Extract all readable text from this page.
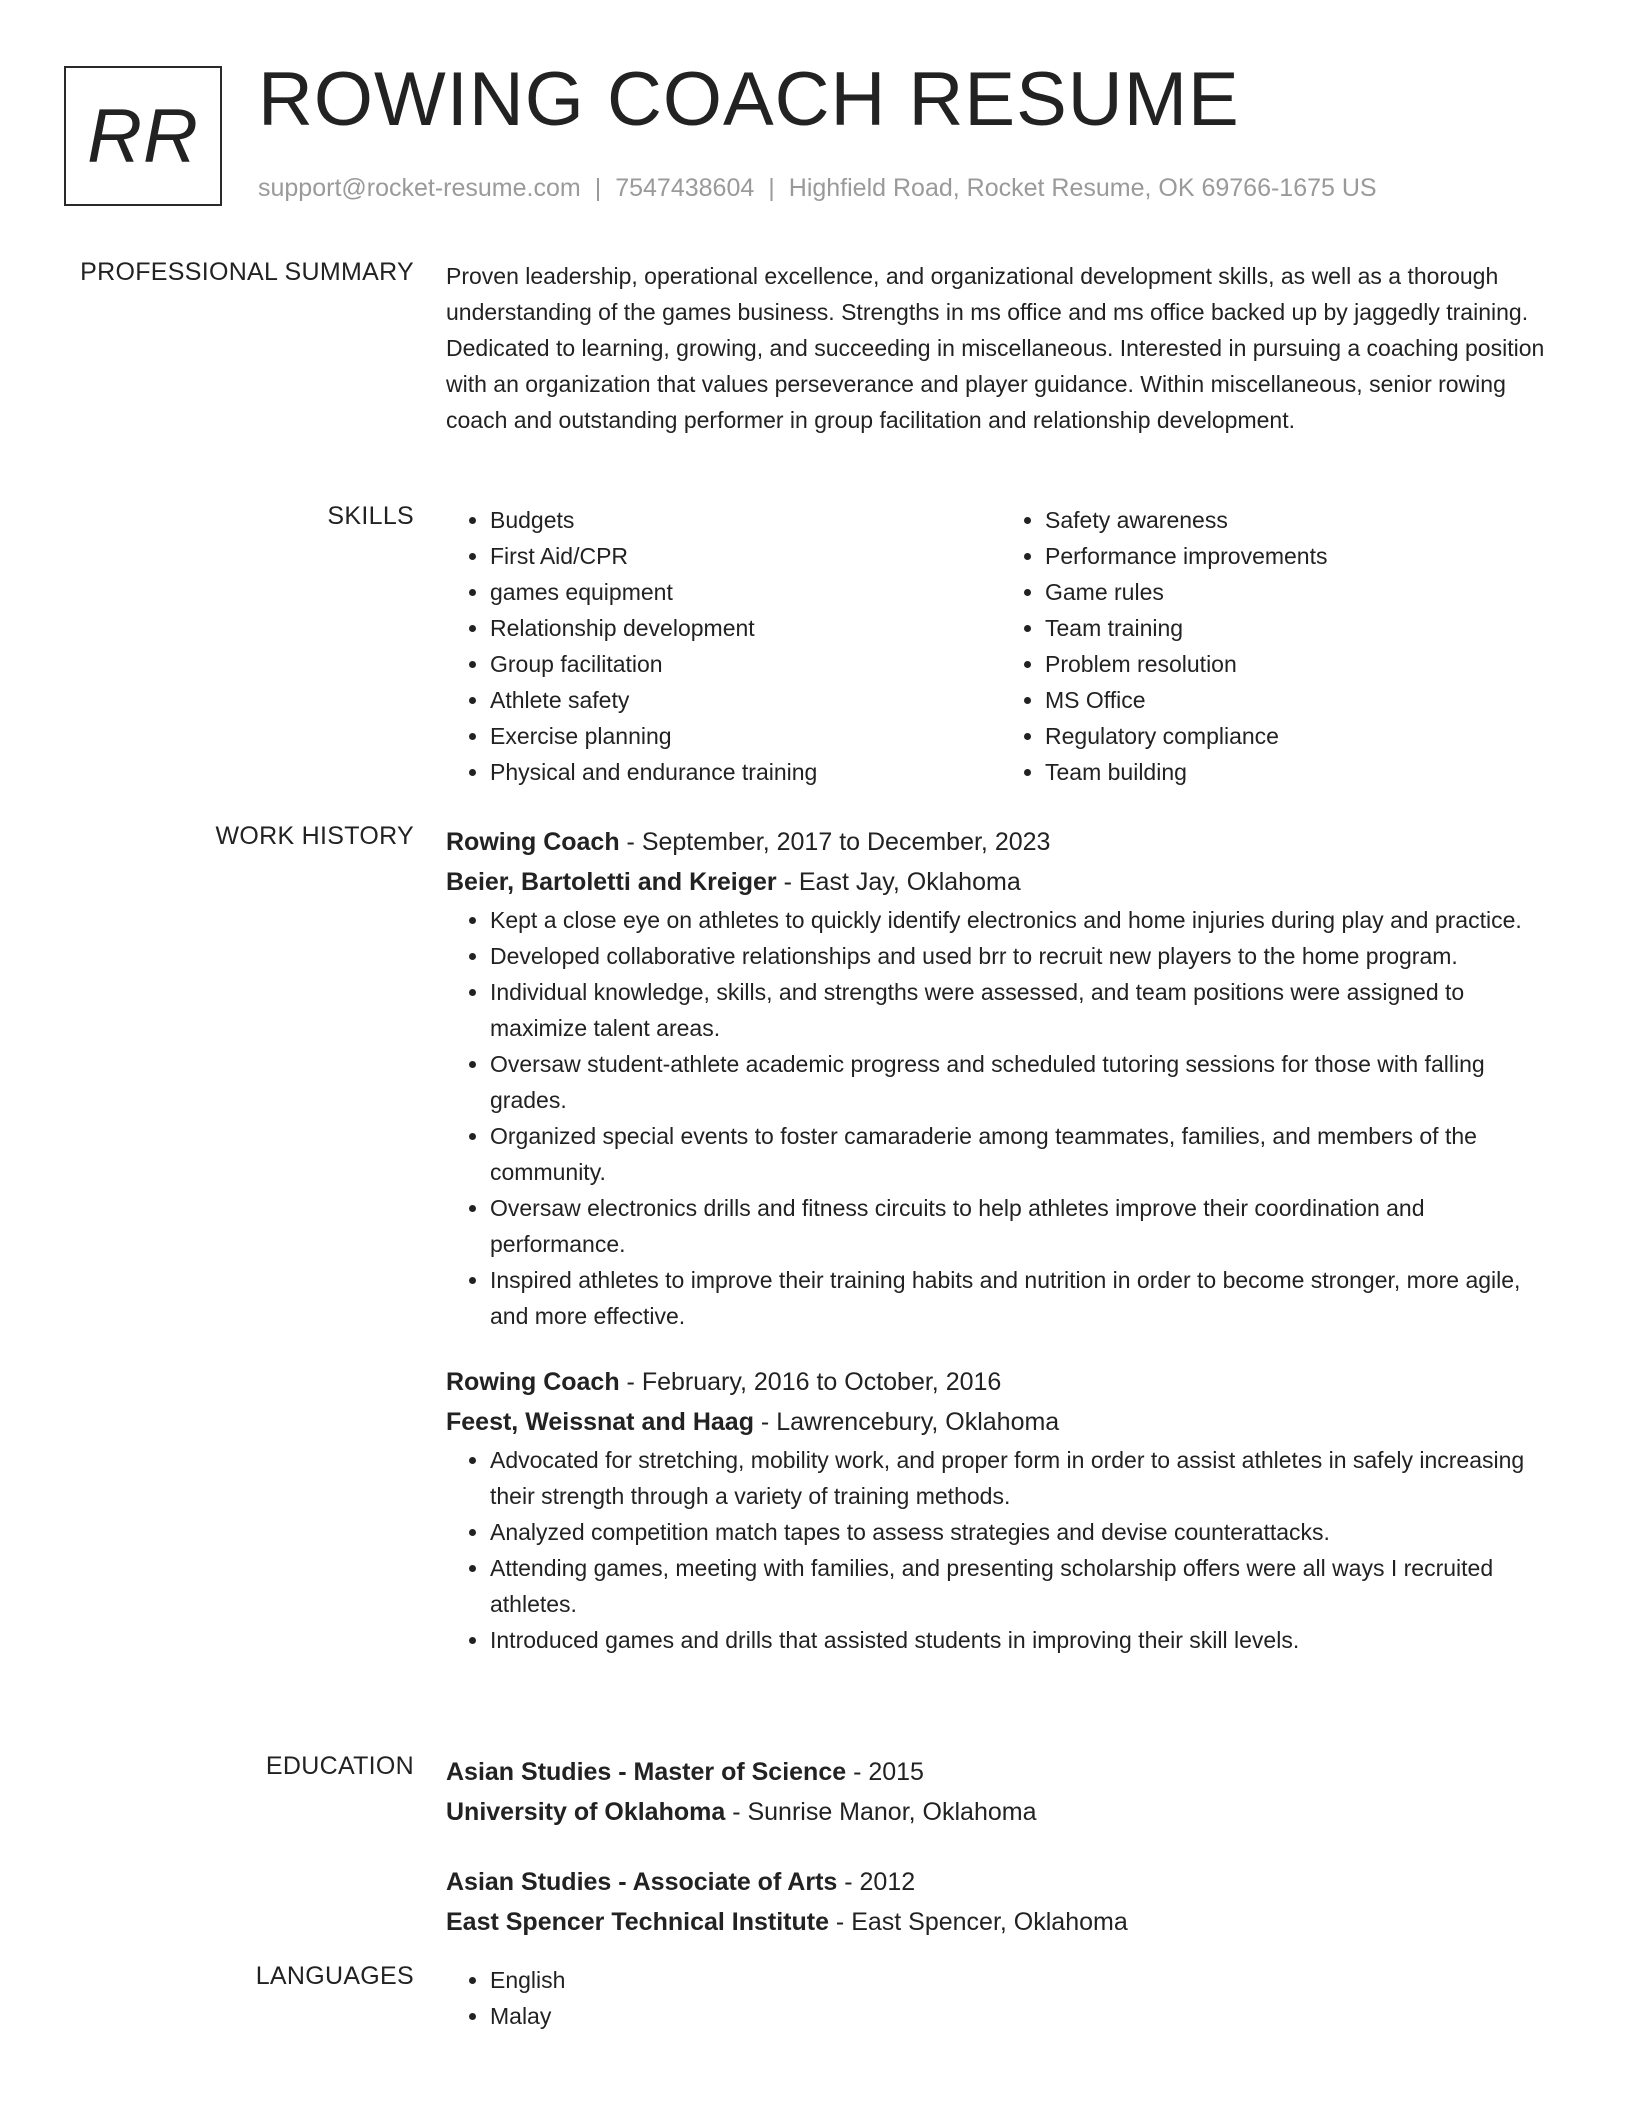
RR ROWING COACH RESUME
support@rocket-resume.com | 7547438604 | Highfield Road, Rocket Resume, OK 69766-1675 US
PROFESSIONAL SUMMARY Proven leadership, operational excellence, and organizational development skills, as well as a thorough understanding of the games business. Strengths in ms office and ms office backed up by jaggedly training. Dedicated to learning, growing, and succeeding in miscellaneous. Interested in pursuing a coaching position with an organization that values perseverance and player guidance. Within miscellaneous, senior rowing coach and outstanding performer in group facilitation and relationship development.

SKILLS	• Budgets
• First Aid/CPR
• games equipment
• Relationship development
• Group facilitation
• Athlete safety
• Exercise planning
• Physical and endurance training
• Safety awareness
• Performance improvements
• Game rules
• Team training
• Problem resolution
• MS Office
• Regulatory compliance
• Team building
WORK HISTORY Rowing Coach - September, 2017 to December, 2023
Beier, Bartoletti and Kreiger - East Jay, Oklahoma
• Kept a close eye on athletes to quickly identify electronics and home injuries during play and practice.
• Developed collaborative relationships and used brr to recruit new players to the home program.
• Individual knowledge, skills, and strengths were assessed, and team positions were assigned to maximize talent areas.
• Oversaw student-athlete academic progress and scheduled tutoring sessions for those with falling grades.
• Organized special events to foster camaraderie among teammates, families, and members of the community.
• Oversaw electronics drills and fitness circuits to help athletes improve their coordination and performance.
• Inspired athletes to improve their training habits and nutrition in order to become stronger, more agile, and more effective.
Rowing Coach - February, 2016 to October, 2016
Feest, Weissnat and Haag - Lawrencebury, Oklahoma
• Advocated for stretching, mobility work, and proper form in order to assist athletes in safely increasing their strength through a variety of training methods.
• Analyzed competition match tapes to assess strategies and devise counterattacks.
• Attending games, meeting with families, and presenting scholarship offers were all ways I recruited athletes.
• Introduced games and drills that assisted students in improving their skill levels.
EDUCATION Asian Studies - Master of Science - 2015
University of Oklahoma - Sunrise Manor, Oklahoma
Asian Studies - Associate of Arts - 2012
East Spencer Technical Institute - East Spencer, Oklahoma
LANGUAGES	• English
• Malay
